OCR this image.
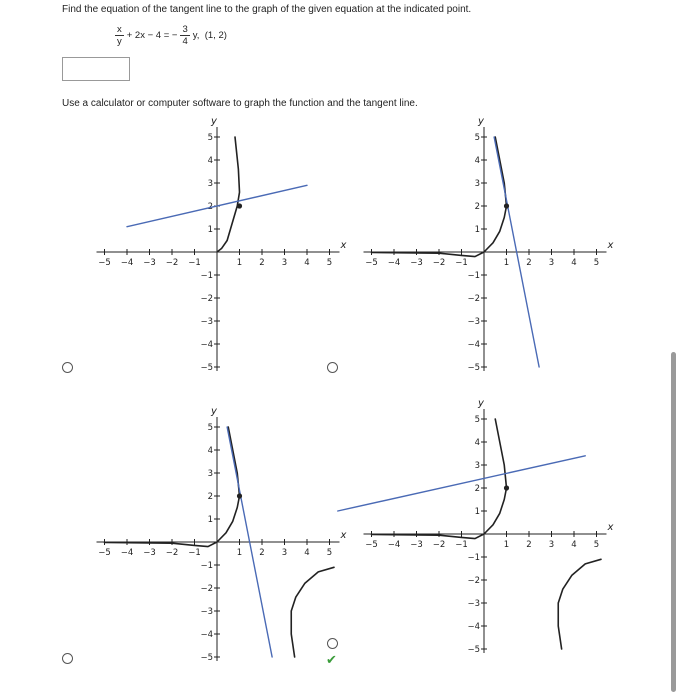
Find the equation of the tangent line to the graph of the given equation at the indicated point.
$\frac{x}{y} + 2x - 4$ = − $\frac{3}{4} y$,  (1, 2)
Use a calculator or computer software to graph the function and the tangent line.
y
x
−5 −4 −3 −2 −1	1 2 3 4 5
5
4
3
2
1
−1
−2
−3
−4
−5
y
x
−5 −4 −3 −2 −1	1 2 3 4 5
5
4
3
2
1
−1
−2
−3
−4
−5
y
x
−5 −4 −3 −2 −1	1 2 3 4 5
5
4
3
2
1
−1
−2
−3
−4
−5
y
x
−5 −4 −3 −2 −1	1 2 3 4 5
5
4
3
2
1
−1
−2
−3
−4
−5
✔
